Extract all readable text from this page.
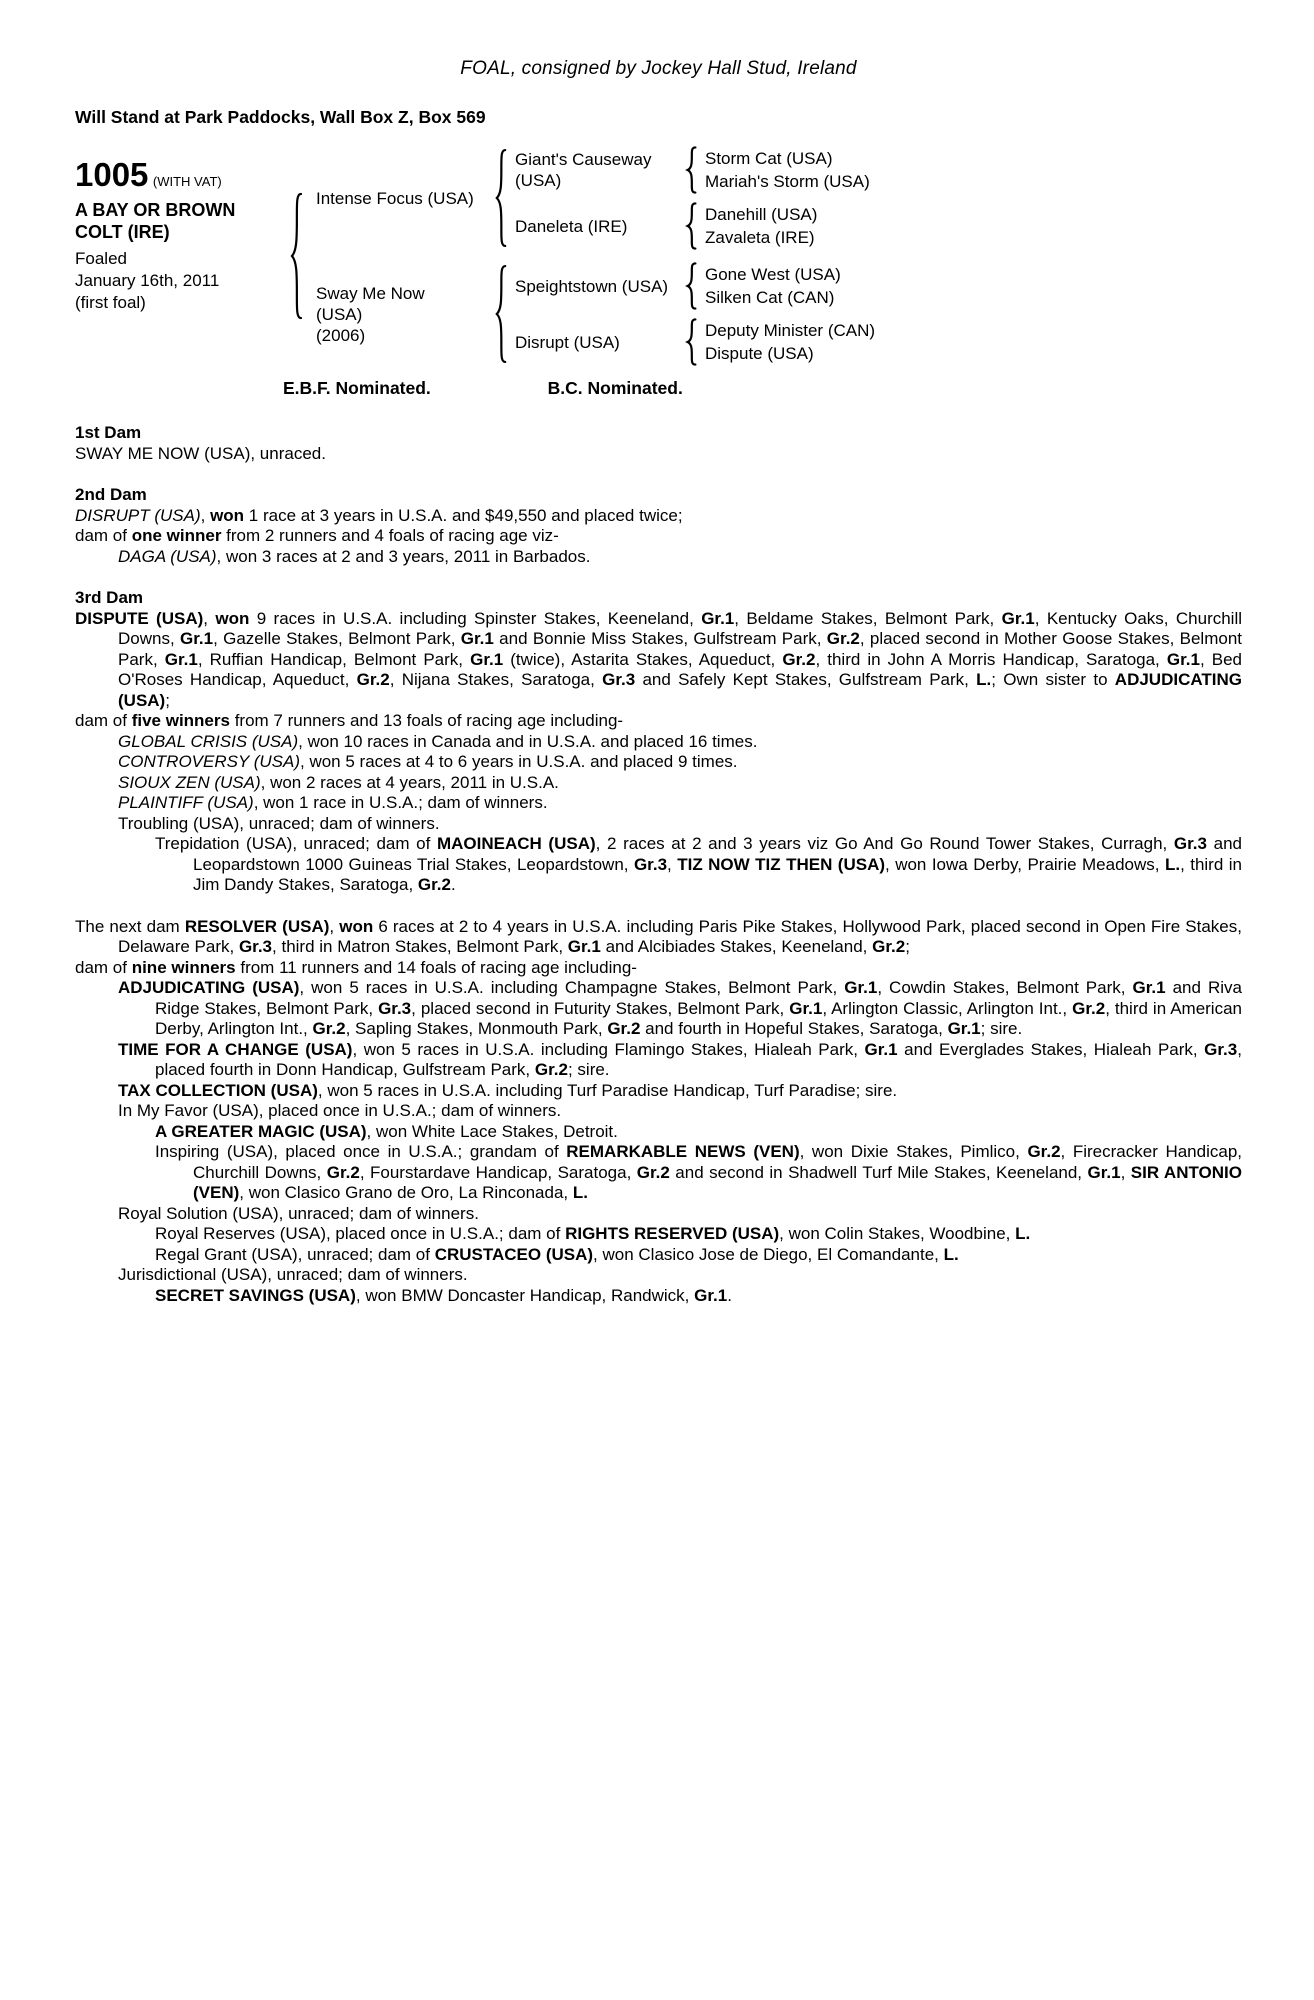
FOAL, consigned by Jockey Hall Stud, Ireland
Will Stand at Park Paddocks, Wall Box Z, Box 569
1005 (WITH VAT)
A BAY OR BROWN COLT (IRE)
Foaled
January 16th, 2011
(first foal)
Intense Focus (USA)
Giant's Causeway (USA)
Storm Cat (USA)
Mariah's Storm (USA)
Daneleta (IRE)
Danehill (USA)
Zavaleta (IRE)
Sway Me Now (USA)
(2006)
Speightstown (USA)
Gone West (USA)
Silken Cat (CAN)
Disrupt (USA)
Deputy Minister (CAN)
Dispute (USA)
E.B.F. Nominated.	B.C. Nominated.
1st Dam

SWAY ME NOW (USA), unraced.

2nd Dam

DISRUPT (USA), won 1 race at 3 years in U.S.A. and $49,550 and placed twice;

dam of one winner from 2 runners and 4 foals of racing age viz-

DAGA (USA), won 3 races at 2 and 3 years, 2011 in Barbados.

3rd Dam

DISPUTE (USA), won 9 races in U.S.A. including Spinster Stakes, Keeneland, Gr.1, Beldame Stakes, Belmont Park, Gr.1, Kentucky Oaks, Churchill Downs, Gr.1, Gazelle Stakes, Belmont Park, Gr.1 and Bonnie Miss Stakes, Gulfstream Park, Gr.2, placed second in Mother Goose Stakes, Belmont Park, Gr.1, Ruffian Handicap, Belmont Park, Gr.1 (twice), Astarita Stakes, Aqueduct, Gr.2, third in John A Morris Handicap, Saratoga, Gr.1, Bed O'Roses Handicap, Aqueduct, Gr.2, Nijana Stakes, Saratoga, Gr.3 and Safely Kept Stakes, Gulfstream Park, L.; Own sister to ADJUDICATING (USA);

dam of five winners from 7 runners and 13 foals of racing age including-

GLOBAL CRISIS (USA), won 10 races in Canada and in U.S.A. and placed 16 times.

CONTROVERSY (USA), won 5 races at 4 to 6 years in U.S.A. and placed 9 times.

SIOUX ZEN (USA), won 2 races at 4 years, 2011 in U.S.A.

PLAINTIFF (USA), won 1 race in U.S.A.; dam of winners.

Troubling (USA), unraced; dam of winners.

Trepidation (USA), unraced; dam of MAOINEACH (USA), 2 races at 2 and 3 years viz Go And Go Round Tower Stakes, Curragh, Gr.3 and Leopardstown 1000 Guineas Trial Stakes, Leopardstown, Gr.3, TIZ NOW TIZ THEN (USA), won Iowa Derby, Prairie Meadows, L., third in Jim Dandy Stakes, Saratoga, Gr.2.

The next dam RESOLVER (USA), won 6 races at 2 to 4 years in U.S.A. including Paris Pike Stakes, Hollywood Park, placed second in Open Fire Stakes, Delaware Park, Gr.3, third in Matron Stakes, Belmont Park, Gr.1 and Alcibiades Stakes, Keeneland, Gr.2;

dam of nine winners from 11 runners and 14 foals of racing age including-

ADJUDICATING (USA), won 5 races in U.S.A. including Champagne Stakes, Belmont Park, Gr.1, Cowdin Stakes, Belmont Park, Gr.1 and Riva Ridge Stakes, Belmont Park, Gr.3, placed second in Futurity Stakes, Belmont Park, Gr.1, Arlington Classic, Arlington Int., Gr.2, third in American Derby, Arlington Int., Gr.2, Sapling Stakes, Monmouth Park, Gr.2 and fourth in Hopeful Stakes, Saratoga, Gr.1; sire.

TIME FOR A CHANGE (USA), won 5 races in U.S.A. including Flamingo Stakes, Hialeah Park, Gr.1 and Everglades Stakes, Hialeah Park, Gr.3, placed fourth in Donn Handicap, Gulfstream Park, Gr.2; sire.

TAX COLLECTION (USA), won 5 races in U.S.A. including Turf Paradise Handicap, Turf Paradise; sire.

In My Favor (USA), placed once in U.S.A.; dam of winners.

A GREATER MAGIC (USA), won White Lace Stakes, Detroit.

Inspiring (USA), placed once in U.S.A.; grandam of REMARKABLE NEWS (VEN), won Dixie Stakes, Pimlico, Gr.2, Firecracker Handicap, Churchill Downs, Gr.2, Fourstardave Handicap, Saratoga, Gr.2 and second in Shadwell Turf Mile Stakes, Keeneland, Gr.1, SIR ANTONIO (VEN), won Clasico Grano de Oro, La Rinconada, L.

Royal Solution (USA), unraced; dam of winners.

Royal Reserves (USA), placed once in U.S.A.; dam of RIGHTS RESERVED (USA), won Colin Stakes, Woodbine, L.

Regal Grant (USA), unraced; dam of CRUSTACEO (USA), won Clasico Jose de Diego, El Comandante, L.

Jurisdictional (USA), unraced; dam of winners.

SECRET SAVINGS (USA), won BMW Doncaster Handicap, Randwick, Gr.1.
